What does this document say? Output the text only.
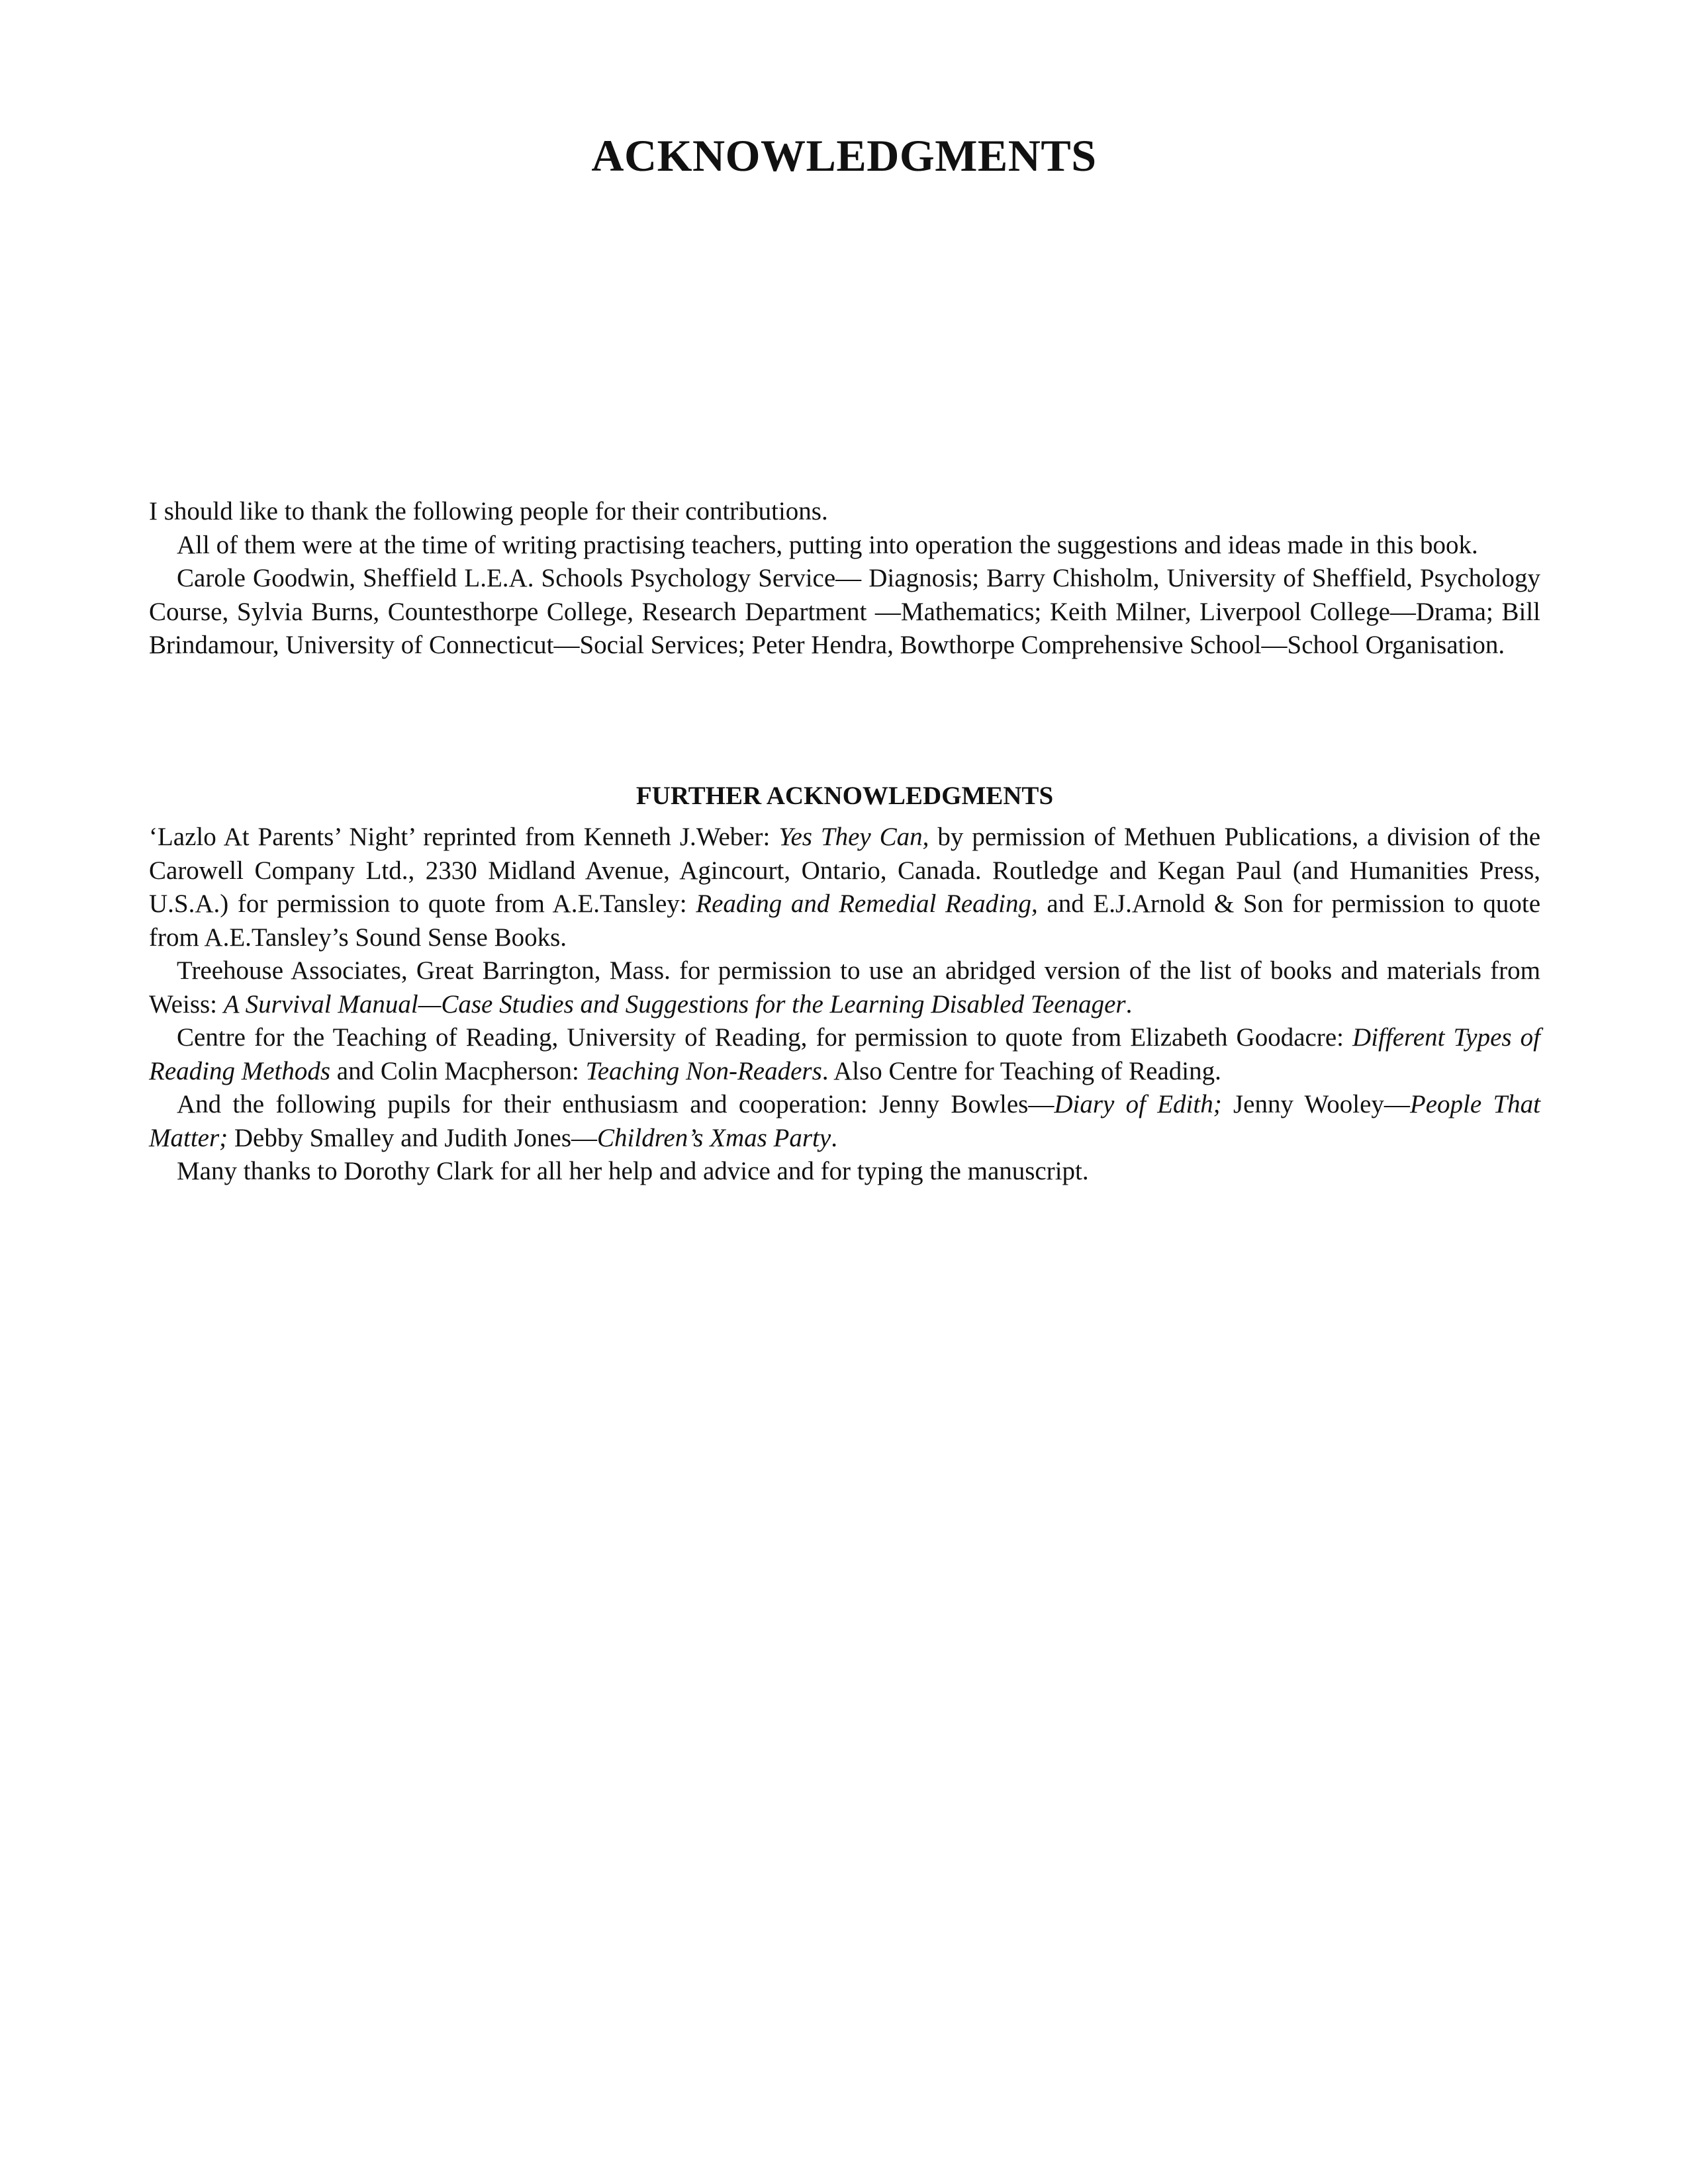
ACKNOWLEDGMENTS

I should like to thank the following people for their contributions.

All of them were at the time of writing practising teachers, putting into operation the suggestions and ideas made in this book.

Carole Goodwin, Sheffield L.E.A. Schools Psychology Service— Diagnosis; Barry Chisholm, University of Sheffield, Psychology Course, Sylvia Burns, Countesthorpe College, Research Department —Mathematics; Keith Milner, Liverpool College—Drama; Bill Brindamour, University of Connecticut—Social Services; Peter Hendra, Bowthorpe Comprehensive School—School Organisation.

FURTHER ACKNOWLEDGMENTS

‘Lazlo At Parents’ Night’ reprinted from Kenneth J.Weber: Yes They Can, by permission of Methuen Publications, a division of the Carowell Company Ltd., 2330 Midland Avenue, Agincourt, Ontario, Canada. Routledge and Kegan Paul (and Humanities Press, U.S.A.) for permission to quote from A.E.Tansley: Reading and Remedial Reading, and E.J.Arnold & Son for permission to quote from A.E.Tansley’s Sound Sense Books.

Treehouse Associates, Great Barrington, Mass. for permission to use an abridged version of the list of books and materials from Weiss: A Survival Manual—Case Studies and Suggestions for the Learning Disabled Teenager.

Centre for the Teaching of Reading, University of Reading, for permission to quote from Elizabeth Goodacre: Different Types of Reading Methods and Colin Macpherson: Teaching Non-Readers. Also Centre for Teaching of Reading.

And the following pupils for their enthusiasm and cooperation: Jenny Bowles—Diary of Edith; Jenny Wooley—People That Matter; Debby Smalley and Judith Jones—Children’s Xmas Party.

Many thanks to Dorothy Clark for all her help and advice and for typing the manuscript.
